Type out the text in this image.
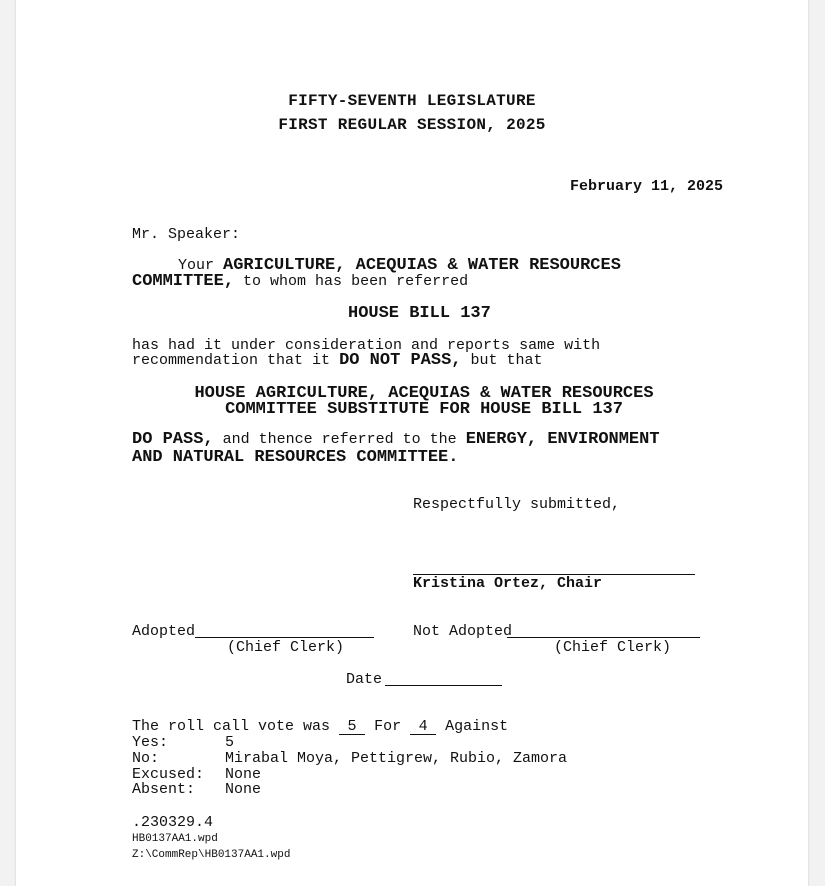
FIFTY-SEVENTH LEGISLATURE
FIRST REGULAR SESSION, 2025
February 11, 2025
Mr. Speaker:
Your AGRICULTURE, ACEQUIAS & WATER RESOURCES
COMMITTEE, to whom has been referred
HOUSE BILL 137
has had it under consideration and reports same with
recommendation that it DO NOT PASS, but that
HOUSE AGRICULTURE, ACEQUIAS & WATER RESOURCES
COMMITTEE SUBSTITUTE FOR HOUSE BILL 137
DO PASS, and thence referred to the ENERGY, ENVIRONMENT
AND NATURAL RESOURCES COMMITTEE.
Respectfully submitted,
Kristina Ortez, Chair
Adopted
(Chief Clerk)
Not Adopted
(Chief Clerk)
Date
The roll call vote was 5 For 4 Against
Yes:	5
No:	Mirabal Moya, Pettigrew, Rubio, Zamora
Excused: None
Absent: None
.230329.4
HB0137AA1.wpd
Z:\CommRep\HB0137AA1.wpd
